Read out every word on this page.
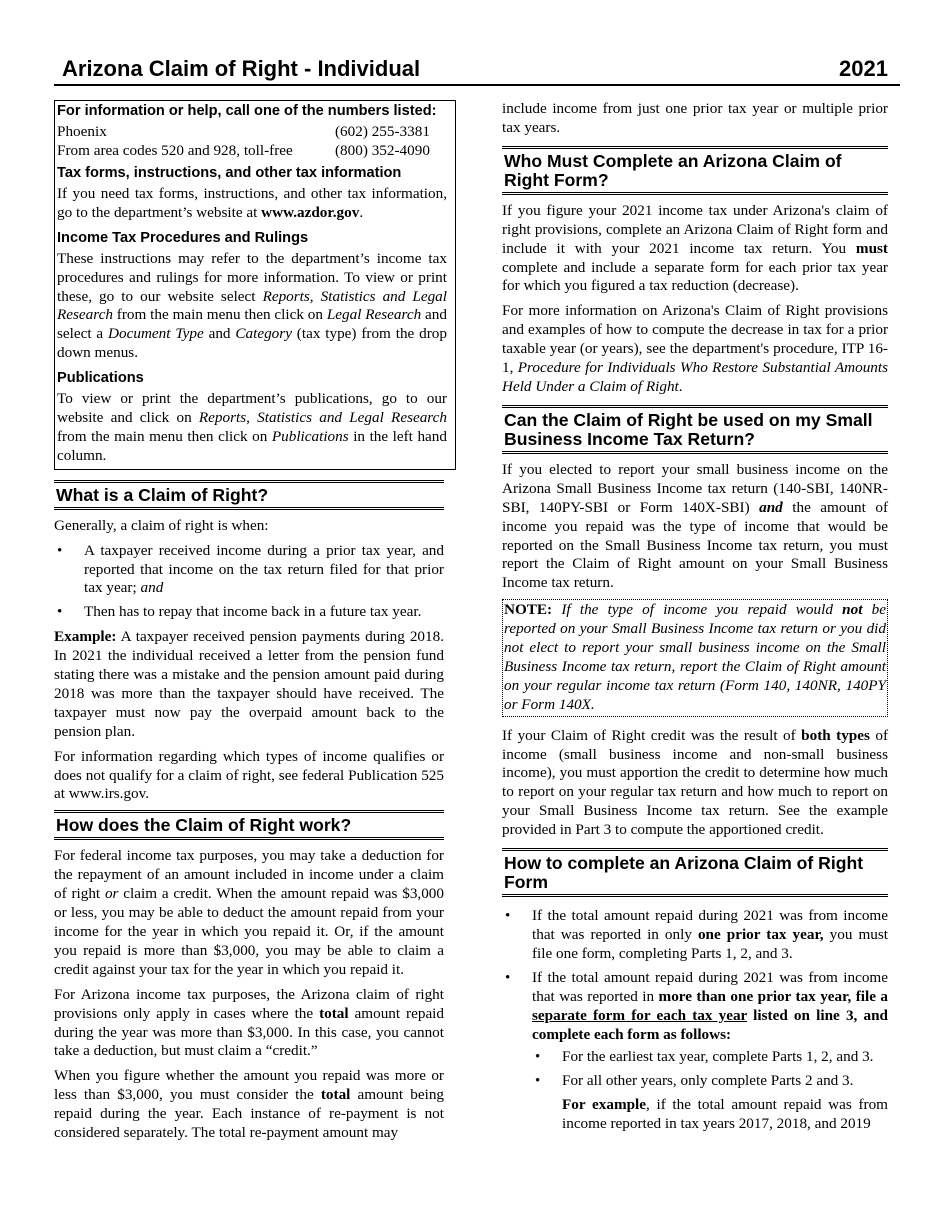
Arizona Claim of Right - Individual	2021

For information or help, call one of the numbers listed:

Phoenix	(602) 255-3381
From area codes 520 and 928, toll-free	(800) 352-4090

Tax forms, instructions, and other tax information

If you need tax forms, instructions, and other tax information, go to the department’s website at www.azdor.gov.

Income Tax Procedures and Rulings

These instructions may refer to the department’s income tax procedures and rulings for more information. To view or print these, go to our website select Reports, Statistics and Legal Research from the main menu then click on Legal Research and select a Document Type and Category (tax type) from the drop down menus.

Publications

To view or print the department’s publications, go to our website and click on Reports, Statistics and Legal Research from the main menu then click on Publications in the left hand column.

What is a Claim of Right?

Generally, a claim of right is when:

• A taxpayer received income during a prior tax year, and reported that income on the tax return filed for that prior tax year; and
• Then has to repay that income back in a future tax year.

Example: A taxpayer received pension payments during 2018. In 2021 the individual received a letter from the pension fund stating there was a mistake and the pension amount paid during 2018 was more than the taxpayer should have received. The taxpayer must now pay the overpaid amount back to the pension plan.

For information regarding which types of income qualifies or does not qualify for a claim of right, see federal Publication 525 at www.irs.gov.

How does the Claim of Right work?

For federal income tax purposes, you may take a deduction for the repayment of an amount included in income under a claim of right or claim a credit. When the amount repaid was $3,000 or less, you may be able to deduct the amount repaid from your income for the year in which you repaid it. Or, if the amount you repaid is more than $3,000, you may be able to claim a credit against your tax for the year in which you repaid it.

For Arizona income tax purposes, the Arizona claim of right provisions only apply in cases where the total amount repaid during the year was more than $3,000. In this case, you cannot take a deduction, but must claim a “credit.”

When you figure whether the amount you repaid was more or less than $3,000, you must consider the total amount being repaid during the year. Each instance of re-payment is not considered separately. The total re-payment amount may

include income from just one prior tax year or multiple prior tax years.

Who Must Complete an Arizona Claim of Right Form?

If you figure your 2021 income tax under Arizona's claim of right provisions, complete an Arizona Claim of Right form and include it with your 2021 income tax return. You must complete and include a separate form for each prior tax year for which you figured a tax reduction (decrease).

For more information on Arizona's Claim of Right provisions and examples of how to compute the decrease in tax for a prior taxable year (or years), see the department's procedure, ITP 16-1, Procedure for Individuals Who Restore Substantial Amounts Held Under a Claim of Right.

Can the Claim of Right be used on my Small Business Income Tax Return?

If you elected to report your small business income on the Arizona Small Business Income tax return (140-SBI, 140NR-SBI, 140PY-SBI or Form 140X-SBI) and the amount of income you repaid was the type of income that would be reported on the Small Business Income tax return, you must report the Claim of Right amount on your Small Business Income tax return.

NOTE: If the type of income you repaid would not be reported on your Small Business Income tax return or you did not elect to report your small business income on the Small Business Income tax return, report the Claim of Right amount on your regular income tax return (Form 140, 140NR, 140PY or Form 140X.

If your Claim of Right credit was the result of both types of income (small business income and non-small business income), you must apportion the credit to determine how much to report on your regular tax return and how much to report on your Small Business Income tax return. See the example provided in Part 3 to compute the apportioned credit.

How to complete an Arizona Claim of Right Form
• If the total amount repaid during 2021 was from income that was reported in only one prior tax year, you must file one form, completing Parts 1, 2, and 3.
• If the total amount repaid during 2021 was from income that was reported in more than one prior tax year, file a separate form for each tax year listed on line 3, and complete each form as follows:
• For the earliest tax year, complete Parts 1, 2, and 3.
• For all other years, only complete Parts 2 and 3.

For example, if the total amount repaid was from income reported in tax years 2017, 2018, and 2019
